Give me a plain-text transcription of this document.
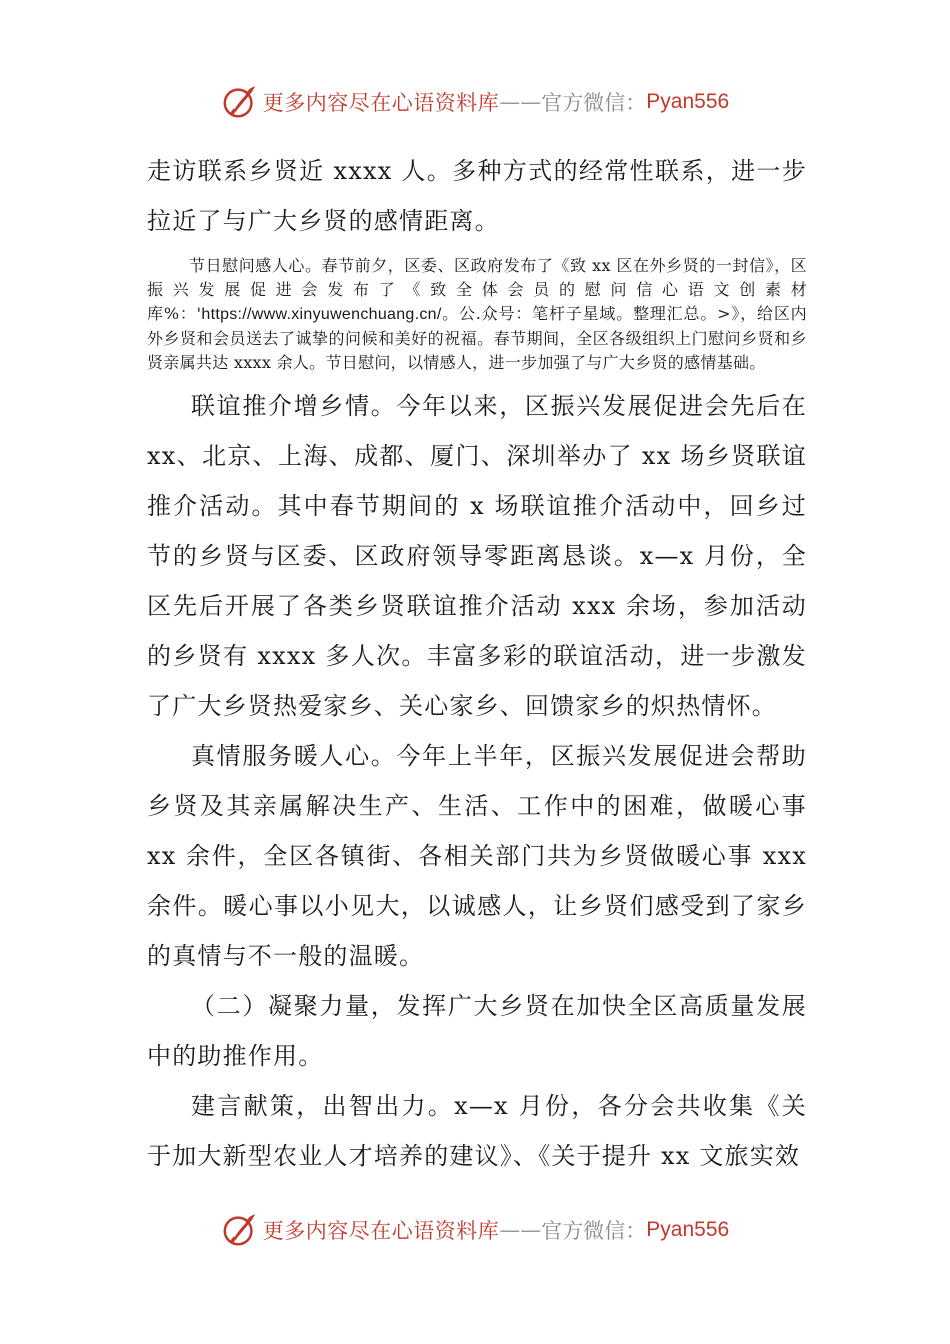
更多内容尽在心语资料库 —— 官方微信： Pyan556

走访联系乡贤近 xxxx 人。多种方式的经常性联系，进一步拉近了与广大乡贤的感情距离。

节日慰问感人心。春节前夕，区委、区政府发布了《致 xx 区在外乡贤的一封信》，区振兴发展促进会发布了《致全体会员的慰问信心语文创素材库%：'https://www.xinyuwenchuang.cn/。公.众号：笔杆子星域。整理汇总。>》，给区内外乡贤和会员送去了诚挚的问候和美好的祝福。春节期间，全区各级组织上门慰问乡贤和乡贤亲属共达 xxxx 余人。节日慰问，以情感人，进一步加强了与广大乡贤的感情基础。

联谊推介增乡情。今年以来，区振兴发展促进会先后在 xx、北京、上海、成都、厦门、深圳举办了 xx 场乡贤联谊推介活动。其中春节期间的 x 场联谊推介活动中，回乡过节的乡贤与区委、区政府领导零距离恳谈。x—x 月份，全区先后开展了各类乡贤联谊推介活动 xxx 余场，参加活动的乡贤有 xxxx 多人次。丰富多彩的联谊活动，进一步激发了广大乡贤热爱家乡、关心家乡、回馈家乡的炽热情怀。

真情服务暖人心。今年上半年，区振兴发展促进会帮助乡贤及其亲属解决生产、生活、工作中的困难，做暖心事 xx 余件，全区各镇街、各相关部门共为乡贤做暖心事 xxx 余件。暖心事以小见大，以诚感人，让乡贤们感受到了家乡的真情与不一般的温暖。

（二）凝聚力量，发挥广大乡贤在加快全区高质量发展中的助推作用。

建言献策，出智出力。x—x 月份，各分会共收集《关于加大新型农业人才培养的建议》、《关于提升 xx 文旅实效

更多内容尽在心语资料库 —— 官方微信： Pyan556
